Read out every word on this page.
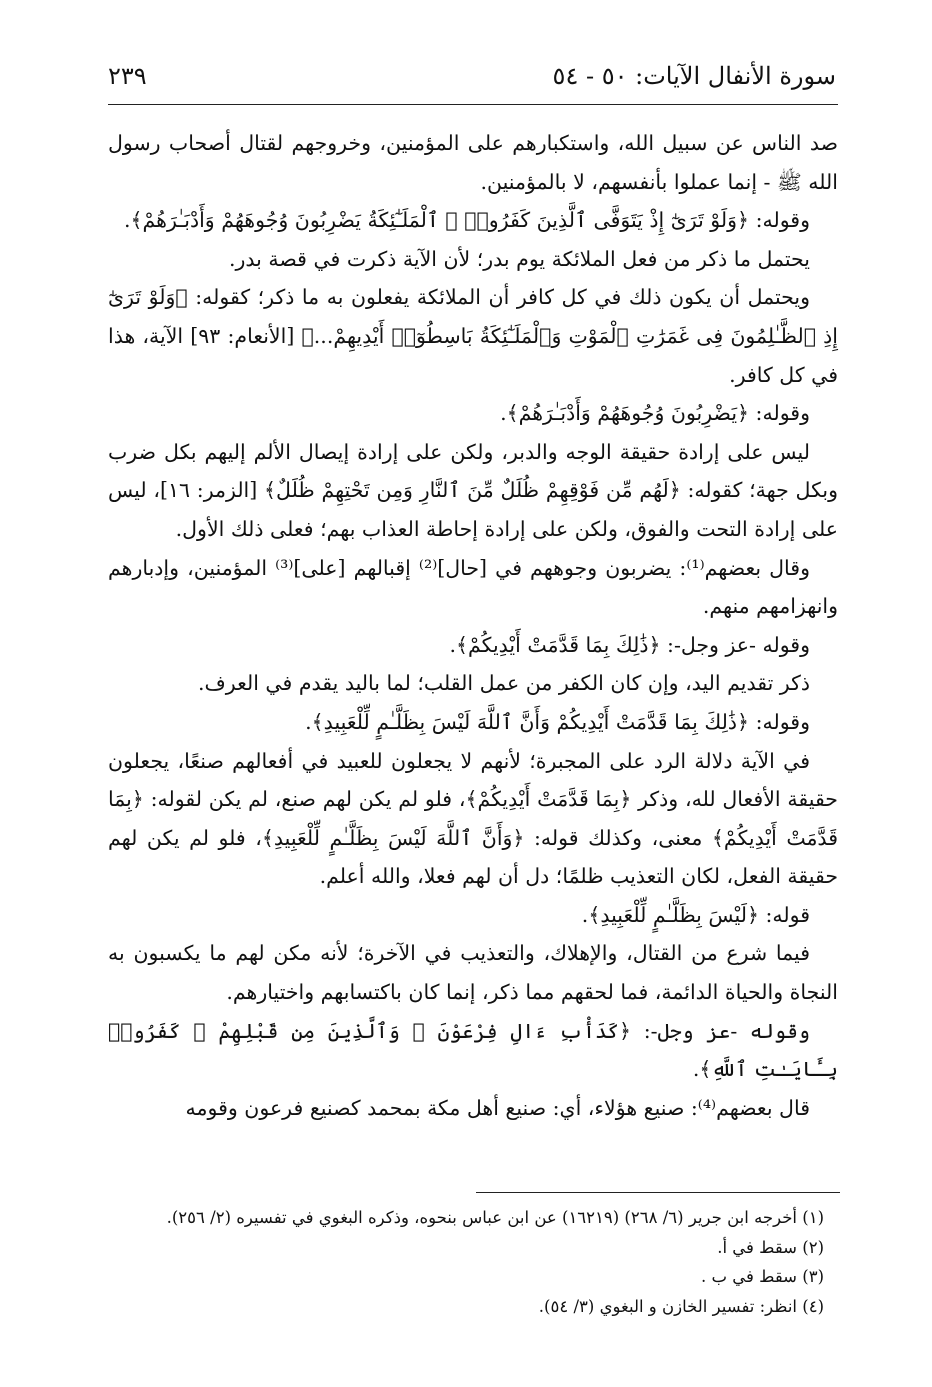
سورة الأنفال الآيات: ٥٠ - ٥٤
٢٣٩

صد الناس عن سبيل الله، واستكبارهم على المؤمنين، وخروجهم لقتال أصحاب رسول الله ﷺ - إنما عملوا بأنفسهم، لا بالمؤمنين.

وقوله: ﴿وَلَوْ تَرَىٰٓ إِذْ يَتَوَفَّى ٱلَّذِينَ كَفَرُوا۟ ۙ ٱلْمَلَـٰٓئِكَةُ يَضْرِبُونَ وُجُوهَهُمْ وَأَدْبَـٰرَهُمْ﴾.

يحتمل ما ذكر من فعل الملائكة يوم بدر؛ لأن الآية ذكرت في قصة بدر.

ويحتمل أن يكون ذلك في كل كافر أن الملائكة يفعلون به ما ذكر؛ كقوله: ﴿وَلَوْ تَرَىٰٓ إِذِ ٱلظَّـٰلِمُونَ فِى غَمَرَٰتِ ٱلْمَوْتِ وَٱلْمَلَـٰٓئِكَةُ بَاسِطُوٓا۟ أَيْدِيهِمْ...﴾ [الأنعام: ٩٣] الآية، هذا في كل كافر.

وقوله: ﴿يَضْرِبُونَ وُجُوهَهُمْ وَأَدْبَـٰرَهُمْ﴾.

ليس على إرادة حقيقة الوجه والدبر، ولكن على إرادة إيصال الألم إليهم بكل ضرب وبكل جهة؛ كقوله: ﴿لَهُم مِّن فَوْقِهِمْ ظُلَلٌ مِّنَ ٱلنَّارِ وَمِن تَحْتِهِمْ ظُلَلٌ﴾ [الزمر: ١٦]، ليس على إرادة التحت والفوق، ولكن على إرادة إحاطة العذاب بهم؛ فعلى ذلك الأول.

وقال بعضهم⁽¹⁾: يضربون وجوههم في [حال]⁽²⁾ إقبالهم [على]⁽³⁾ المؤمنين، وإدبارهم وانهزامهم منهم.

وقوله -عز وجل-: ﴿ذَٰلِكَ بِمَا قَدَّمَتْ أَيْدِيكُمْ﴾.

ذكر تقديم اليد، وإن كان الكفر من عمل القلب؛ لما باليد يقدم في العرف.

وقوله: ﴿ذَٰلِكَ بِمَا قَدَّمَتْ أَيْدِيكُمْ وَأَنَّ ٱللَّهَ لَيْسَ بِظَلَّـٰمٍ لِّلْعَبِيدِ﴾.

في الآية دلالة الرد على المجبرة؛ لأنهم لا يجعلون للعبيد في أفعالهم صنعًا، يجعلون حقيقة الأفعال لله، وذكر ﴿بِمَا قَدَّمَتْ أَيْدِيكُمْ﴾، فلو لم يكن لهم صنع، لم يكن لقوله: ﴿بِمَا قَدَّمَتْ أَيْدِيكُمْ﴾ معنى، وكذلك قوله: ﴿وَأَنَّ ٱللَّهَ لَيْسَ بِظَلَّـٰمٍ لِّلْعَبِيدِ﴾، فلو لم يكن لهم حقيقة الفعل، لكان التعذيب ظلمًا؛ دل أن لهم فعلا، والله أعلم.

قوله: ﴿لَيْسَ بِظَلَّـٰمٍ لِّلْعَبِيدِ﴾.

فيما شرع من القتال، والإهلاك، والتعذيب في الآخرة؛ لأنه مكن لهم ما يكسبون به النجاة والحياة الدائمة، فما لحقهم مما ذكر، إنما كان باكتسابهم واختيارهم.

وقوله -عز وجل-: ﴿كَدَأْبِ ءَالِ فِرْعَوْنَ ۙ وَٱلَّذِينَ مِن قَبْلِهِمْ ۚ كَفَرُوا۟ بِـَٔايَـٰتِ ٱللَّهِ﴾.

قال بعضهم⁽⁴⁾: صنيع هؤلاء، أي: صنيع أهل مكة بمحمد كصنيع فرعون وقومه

(١) أخرجه ابن جرير (٦/ ٢٦٨) (١٦٢١٩) عن ابن عباس بنحوه، وذكره البغوي في تفسيره (٢/ ٢٥٦).

(٢) سقط في أ.

(٣) سقط في ب .

(٤) انظر: تفسير الخازن و البغوي (٣/ ٥٤).
